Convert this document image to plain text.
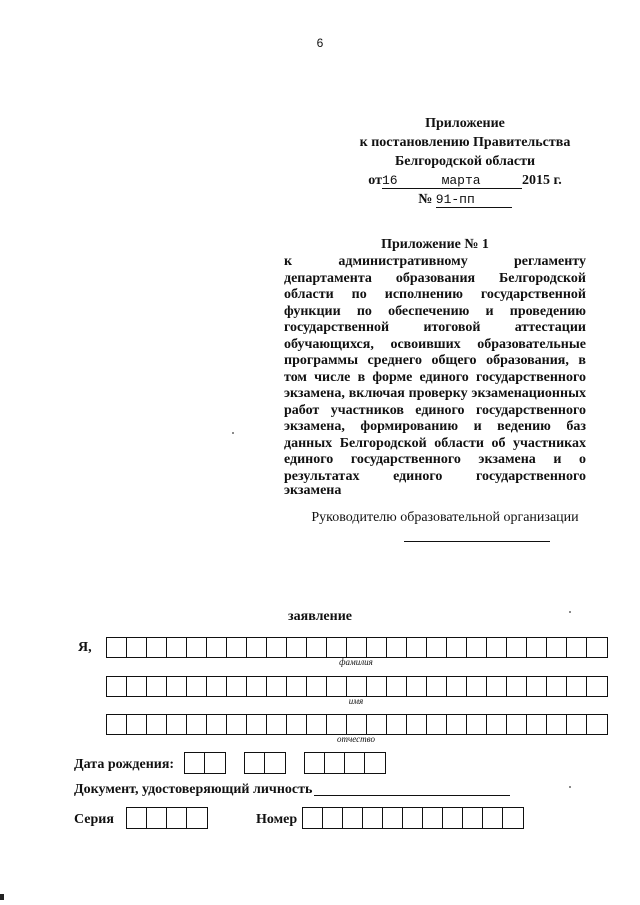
6
Приложение
к постановлению Правительства
Белгородской области
от16	марта	2015 г.
№ 91-пп
Приложение № 1
к административному регламенту
департамента образования Белгородской
области по исполнению государственной
функции по обеспечению и проведению
государственной итоговой аттестации
обучающихся, освоивших образовательные
программы среднего общего образования, в
том числе в форме единого государственного
экзамена, включая проверку экзаменационных
работ участников единого государственного
экзамена, формированию и ведению баз
данных Белгородской области об участниках
единого государственного экзамена и о
результатах единого государственного
экзамена
Руководителю образовательной организации
заявление
Я,
фамилия
имя
отчество
Дата рождения:
Документ, удостоверяющий личность
Серия	Номер
